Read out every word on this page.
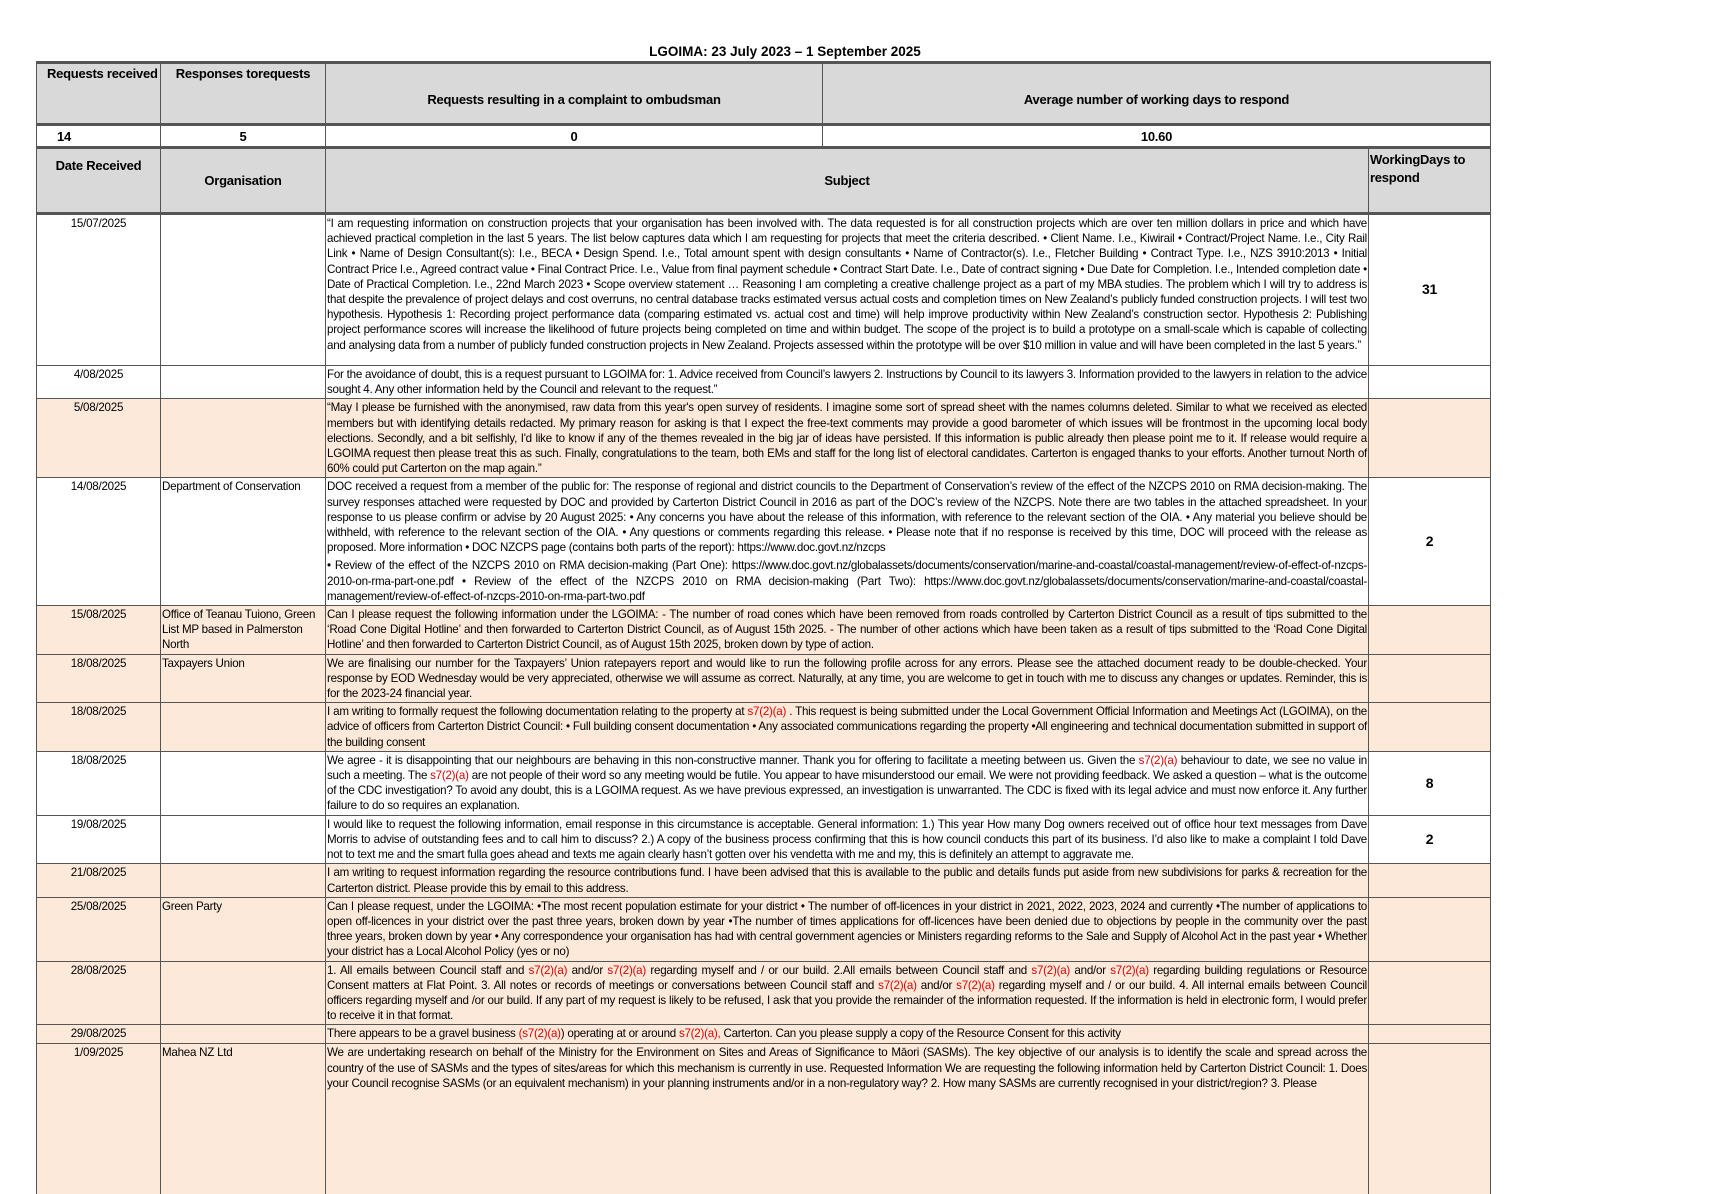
LGOIMA: 23 July 2023 – 1 September 2025
Requests received	Responses torequests	Requests resulting in a complaint to ombudsman	Average number of working days to respond
14	5	0	10.60
Date Received	Organisation	Subject	WorkingDays to respond
15/07/2025		“I am requesting information on construction projects that your organisation has been involved with. The data requested is for all construction projects which are over ten million dollars in price and which have achieved practical completion in the last 5 years. The list below captures data which I am requesting for projects that meet the criteria described. • Client Name. I.e., Kiwirail • Contract/Project Name. I.e., City Rail Link • Name of Design Consultant(s): I.e., BECA • Design Spend. I.e., Total amount spent with design consultants • Name of Contractor(s). I.e., Fletcher Building • Contract Type. I.e., NZS 3910:2013 • Initial Contract Price I.e., Agreed contract value • Final Contract Price. I.e., Value from final payment schedule • Contract Start Date. I.e., Date of contract signing • Due Date for Completion. I.e., Intended completion date • Date of Practical Completion. I.e., 22nd March 2023 • Scope overview statement … Reasoning I am completing a creative challenge project as a part of my MBA studies. The problem which I will try to address is that despite the prevalence of project delays and cost overruns, no central database tracks estimated versus actual costs and completion times on New Zealand’s publicly funded construction projects. I will test two hypothesis. Hypothesis 1: Recording project performance data (comparing estimated vs. actual cost and time) will help improve productivity within New Zealand’s construction sector. Hypothesis 2: Publishing project performance scores will increase the likelihood of future projects being completed on time and within budget. The scope of the project is to build a prototype on a small-scale which is capable of collecting and analysing data from a number of publicly funded construction projects in New Zealand. Projects assessed within the prototype will be over $10 million in value and will have been completed in the last 5 years.”	31
4/08/2025		For the avoidance of doubt, this is a request pursuant to LGOIMA for: 1. Advice received from Council’s lawyers 2. Instructions by Council to its lawyers 3. Information provided to the lawyers in relation to the advice sought 4. Any other information held by the Council and relevant to the request.”	
5/08/2025		“May I please be furnished with the anonymised, raw data from this year's open survey of residents. I imagine some sort of spread sheet with the names columns deleted. Similar to what we received as elected members but with identifying details redacted. My primary reason for asking is that I expect the free-text comments may provide a good barometer of which issues will be frontmost in the upcoming local body elections. Secondly, and a bit selfishly, I'd like to know if any of the themes revealed in the big jar of ideas have persisted. If this information is public already then please point me to it. If release would require a LGOIMA request then please treat this as such. Finally, congratulations to the team, both EMs and staff for the long list of electoral candidates. Carterton is engaged thanks to your efforts. Another turnout North of 60% could put Carterton on the map again.”	
14/08/2025	Department of Conservation	DOC received a request from a member of the public for: The response of regional and district councils to the Department of Conservation’s review of the effect of the NZCPS 2010 on RMA decision-making. The survey responses attached were requested by DOC and provided by Carterton District Council in 2016 as part of the DOC’s review of the NZCPS. Note there are two tables in the attached spreadsheet. In your response to us please confirm or advise by 20 August 2025: • Any concerns you have about the release of this information, with reference to the relevant section of the OIA. • Any material you believe should be withheld, with reference to the relevant section of the OIA. • Any questions or comments regarding this release. • Please note that if no response is received by this time, DOC will proceed with the release as proposed. More information • DOC NZCPS page (contains both parts of the report): https://www.doc.govt.nz/nzcps
• Review of the effect of the NZCPS 2010 on RMA decision-making (Part One): https://www.doc.govt.nz/globalassets/documents/conservation/marine-and-coastal/coastal-management/review-of-effect-of-nzcps-2010-on-rma-part-one.pdf • Review of the effect of the NZCPS 2010 on RMA decision-making (Part Two): https://www.doc.govt.nz/globalassets/documents/conservation/marine-and-coastal/coastal-management/review-of-effect-of-nzcps-2010-on-rma-part-two.pdf	2
15/08/2025	Office of Teanau Tuiono, Green List MP based in Palmerston North	Can I please request the following information under the LGOIMA: - The number of road cones which have been removed from roads controlled by Carterton District Council as a result of tips submitted to the ‘Road Cone Digital Hotline’ and then forwarded to Carterton District Council, as of August 15th 2025. - The number of other actions which have been taken as a result of tips submitted to the ‘Road Cone Digital Hotline’ and then forwarded to Carterton District Council, as of August 15th 2025, broken down by type of action.	
18/08/2025	Taxpayers Union	We are finalising our number for the Taxpayers’ Union ratepayers report and would like to run the following profile across for any errors. Please see the attached document ready to be double-checked. Your response by EOD Wednesday would be very appreciated, otherwise we will assume as correct. Naturally, at any time, you are welcome to get in touch with me to discuss any changes or updates. Reminder, this is for the 2023-24 financial year.	
18/08/2025		I am writing to formally request the following documentation relating to the property at s7(2)(a) . This request is being submitted under the Local Government Official Information and Meetings Act (LGOIMA), on the advice of officers from Carterton District Council: • Full building consent documentation • Any associated communications regarding the property •All engineering and technical documentation submitted in support of the building consent	
18/08/2025		We agree - it is disappointing that our neighbours are behaving in this non-constructive manner. Thank you for offering to facilitate a meeting between us. Given the s7(2)(a) behaviour to date, we see no value in such a meeting. The s7(2)(a) are not people of their word so any meeting would be futile. You appear to have misunderstood our email. We were not providing feedback. We asked a question – what is the outcome of the CDC investigation? To avoid any doubt, this is a LGOIMA request. As we have previous expressed, an investigation is unwarranted. The CDC is fixed with its legal advice and must now enforce it. Any further failure to do so requires an explanation.	8
19/08/2025		I would like to request the following information, email response in this circumstance is acceptable. General information: 1.) This year How many Dog owners received out of office hour text messages from Dave Morris to advise of outstanding fees and to call him to discuss? 2.) A copy of the business process confirming that this is how council conducts this part of its business. I’d also like to make a complaint I told Dave not to text me and the smart fulla goes ahead and texts me again clearly hasn’t gotten over his vendetta with me and my, this is definitely an attempt to aggravate me.	2
21/08/2025		I am writing to request information regarding the resource contributions fund. I have been advised that this is available to the public and details funds put aside from new subdivisions for parks & recreation for the Carterton district. Please provide this by email to this address.	
25/08/2025	Green Party	Can I please request, under the LGOIMA: •The most recent population estimate for your district • The number of off-licences in your district in 2021, 2022, 2023, 2024 and currently •The number of applications to open off-licences in your district over the past three years, broken down by year •The number of times applications for off-licences have been denied due to objections by people in the community over the past three years, broken down by year • Any correspondence your organisation has had with central government agencies or Ministers regarding reforms to the Sale and Supply of Alcohol Act in the past year • Whether your district has a Local Alcohol Policy (yes or no)	
28/08/2025		1. All emails between Council staff and s7(2)(a) and/or s7(2)(a) regarding myself and / or our build. 2.All emails between Council staff and s7(2)(a) and/or s7(2)(a) regarding building regulations or Resource Consent matters at Flat Point. 3. All notes or records of meetings or conversations between Council staff and s7(2)(a) and/or s7(2)(a) regarding myself and / or our build. 4. All internal emails between Council officers regarding myself and /or our build. If any part of my request is likely to be refused, I ask that you provide the remainder of the information requested. If the information is held in electronic form, I would prefer to receive it in that format.	
29/08/2025		There appears to be a gravel business (s7(2)(a)) operating at or around s7(2)(a), Carterton. Can you please supply a copy of the Resource Consent for this activity	
1/09/2025	Mahea NZ Ltd	We are undertaking research on behalf of the Ministry for the Environment on Sites and Areas of Significance to Māori (SASMs). The key objective of our analysis is to identify the scale and spread across the country of the use of SASMs and the types of sites/areas for which this mechanism is currently in use. Requested Information We are requesting the following information held by Carterton District Council: 1. Does your Council recognise SASMs (or an equivalent mechanism) in your planning instruments and/or in a non-regulatory way? 2. How many SASMs are currently recognised in your district/region? 3. Please	
